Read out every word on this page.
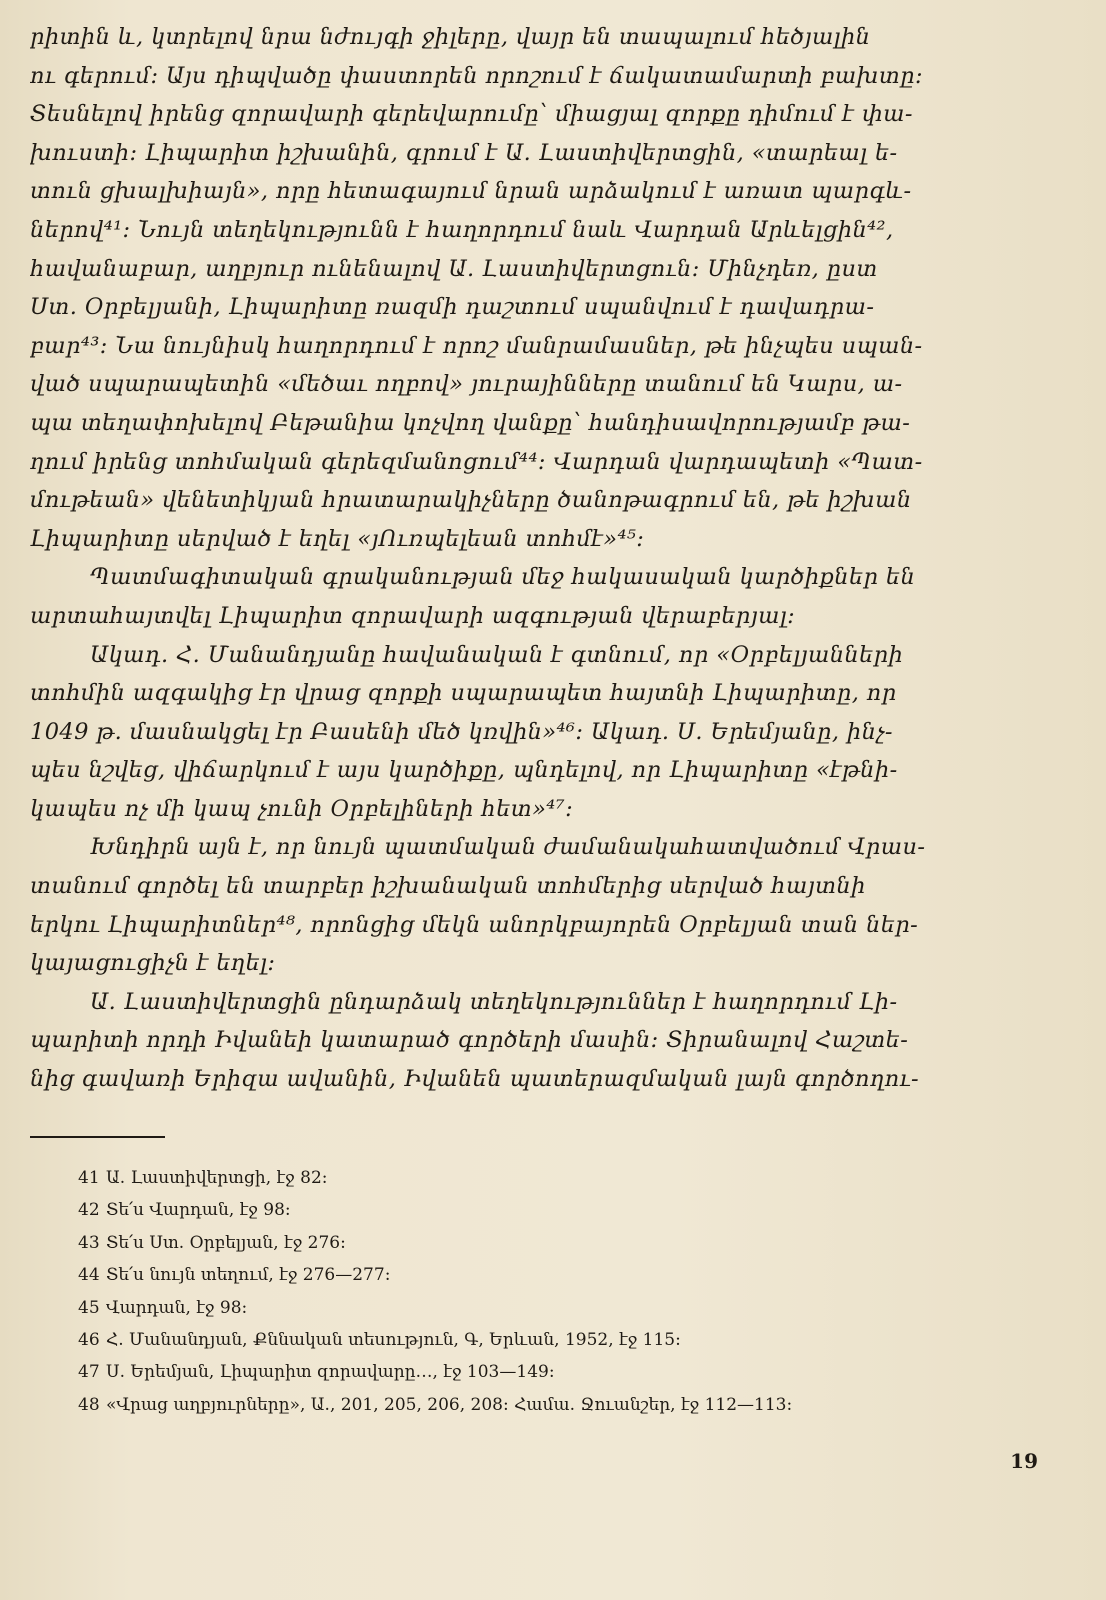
րիտին և, կտրելով նրա նժույգի ջիլերը, վայր են տապալում հեծյալին
ու գերում։ Այս դիպվածը փաստորեն որոշում է ճակատամարտի բախտը։
Տեսնելով իրենց զորավարի գերեվարումը՝ միացյալ զորքը դիմում է փա-
խուստի։ Լիպարիտ իշխանին, գրում է Ա. Լաստիվերտցին, «տարեալ ե-
տուն ցխալխիայն», որը հետագայում նրան արձակում է առատ պարգև-
ներով⁴¹։ Նույն տեղեկությունն է հաղորդում նաև Վարդան Արևելցին⁴²,
հավանաբար, աղբյուր ունենալով Ա. Լաստիվերտցուն։ Մինչդեռ, ըստ
Ստ. Օրբելյանի, Լիպարիտը ռազմի դաշտում սպանվում է դավադրա-
բար⁴³։ Նա նույնիսկ հաղորդում է որոշ մանրամասներ, թե ինչպես սպան-
ված սպարապետին «մեծաւ ողբով» յուրայինները տանում են Կարս, ա-
պա տեղափոխելով Բեթանիա կոչվող վանքը՝ հանդիսավորությամբ թա-
ղում իրենց տոհմական գերեզմանոցում⁴⁴։ Վարդան վարդապետի «Պատ-
մութեան» վենետիկյան հրատարակիչները ծանոթագրում են, թե իշխան
Լիպարիտը սերված է եղել «յՈւռպելեան տոհմէ»⁴⁵։
Պատմագիտական գրականության մեջ հակասական կարծիքներ են
արտահայտվել Լիպարիտ զորավարի ազգության վերաբերյալ։
Ակադ. Հ. Մանանդյանը հավանական է գտնում, որ «Օրբելյանների
տոհմին ազգակից էր վրաց զորքի սպարապետ հայտնի Լիպարիտը, որ
1049 թ. մասնակցել էր Բասենի մեծ կռվին»⁴⁶։ Ակադ. Ս. Երեմյանը, ինչ-
պես նշվեց, վիճարկում է այս կարծիքը, պնդելով, որ Լիպարիտը «էթնի-
կապես ոչ մի կապ չունի Օրբելիների հետ»⁴⁷։
Խնդիրն այն է, որ նույն պատմական ժամանակահատվածում Վրաս-
տանում գործել են տարբեր իշխանական տոհմերից սերված հայտնի
երկու Լիպարիտներ⁴⁸, որոնցից մեկն անորկբայորեն Օրբելյան տան ներ-
կայացուցիչն է եղել։
Ա. Լաստիվերտցին ընդարձակ տեղեկություններ է հաղորդում Լի-
պարիտի որդի Իվանեի կատարած գործերի մասին։ Տիրանալով Հաշտե-
նից գավառի Երիզա ավանին, Իվանեն պատերազմական լայն գործողու-
41 Ա. Լաստիվերտցի, էջ 82։
42 Տե՛ս Վարդան, էջ 98։
43 Տե՛ս Ստ. Օրբելյան, էջ 276։
44 Տե՛ս նույն տեղում, էջ 276—277։
45 Վարդան, էջ 98։
46 Հ. Մանանդյան, Քննական տեսություն, Գ, Երևան, 1952, էջ 115։
47 Ս. Երեմյան, Լիպարիտ զորավարը…, էջ 103—149։
48 «Վրաց աղբյուրները», Ա., 201, 205, 206, 208։ Համա. Ջուանշեր, էջ 112—113։
19
